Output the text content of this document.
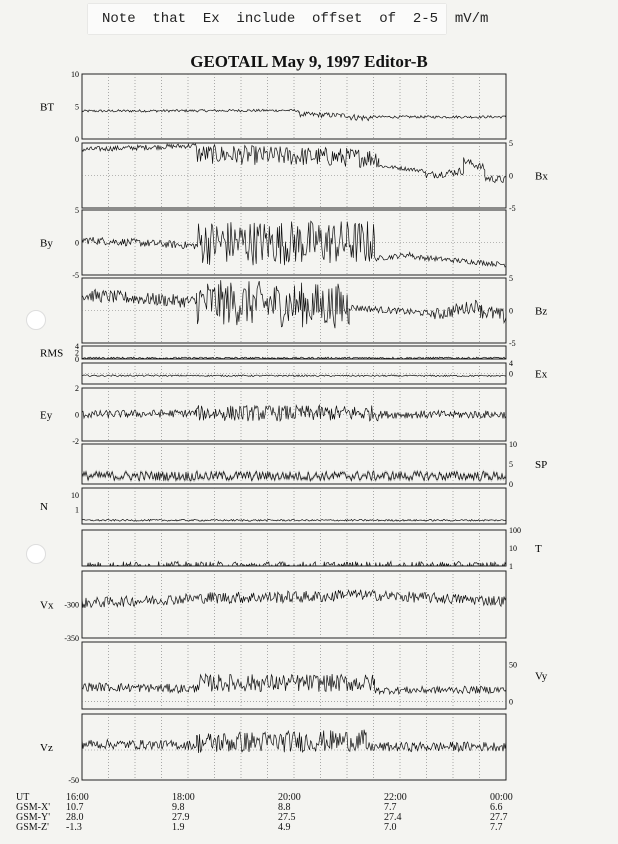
Note  that  Ex  include  offset  of  2-5  mV/m
GEOTAIL May 9, 1997 Editor-B
10
5
0
BT
5
0
-5
Bx
5
0
-5
By
5
0
-5
Bz
4
2
0
RMS
4
0 Ex
2
0
-2
Ey
10
5
0
SP
10
1
N
100
10
1
T
-300
-350
Vx
50
0
Vy
-50
Vz
UT	16:00	18:00	20:00	22:00	00:00
GSM-X' 10.7	9.8	8.8	7.7	6.6
GSM-Y' 28.0	27.9	27.5	27.4	27.7
GSM-Z' -1.3	1.9	4.9	7.0	7.7
